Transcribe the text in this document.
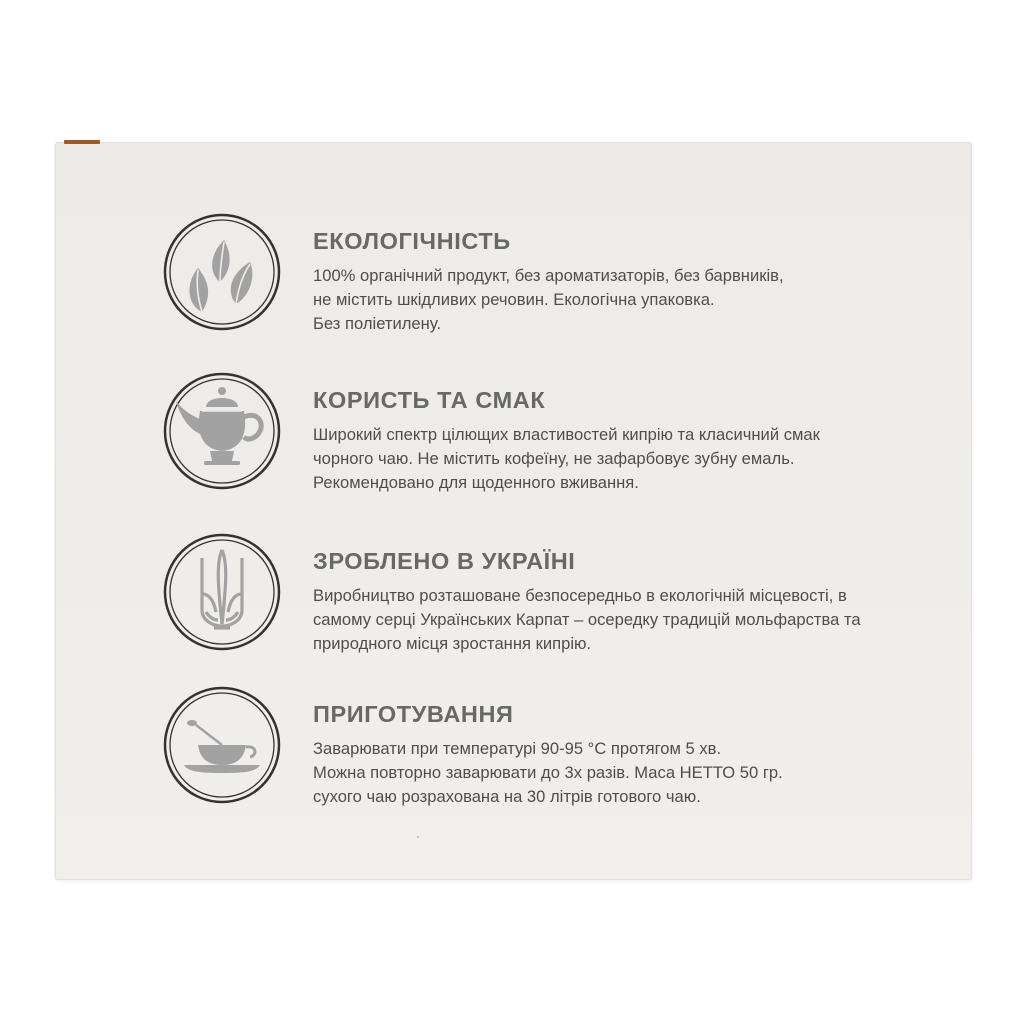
ЕКОЛОГІЧНІСТЬ
100% органічний продукт, без ароматизаторів, без барвників,
не містить шкідливих речовин. Екологічна упаковка.
Без поліетилену.
КОРИСТЬ ТА СМАК
Широкий спектр цілющих властивостей кипрію та класичний смак
чорного чаю. Не містить кофеїну, не зафарбовує зубну емаль.
Рекомендовано для щоденного вживання.
ЗРОБЛЕНО В УКРАЇНІ
Виробництво розташоване безпосередньо в екологічній місцевості, в
самому серці Українських Карпат – осередку традицій мольфарства та
природного місця зростання кипрію.
ПРИГОТУВАННЯ
Заварювати при температурі 90-95 °С протягом 5 хв.
Можна повторно заварювати до 3х разів. Маса НЕТТО 50 гр.
сухого чаю розрахована на 30 літрів готового чаю.
